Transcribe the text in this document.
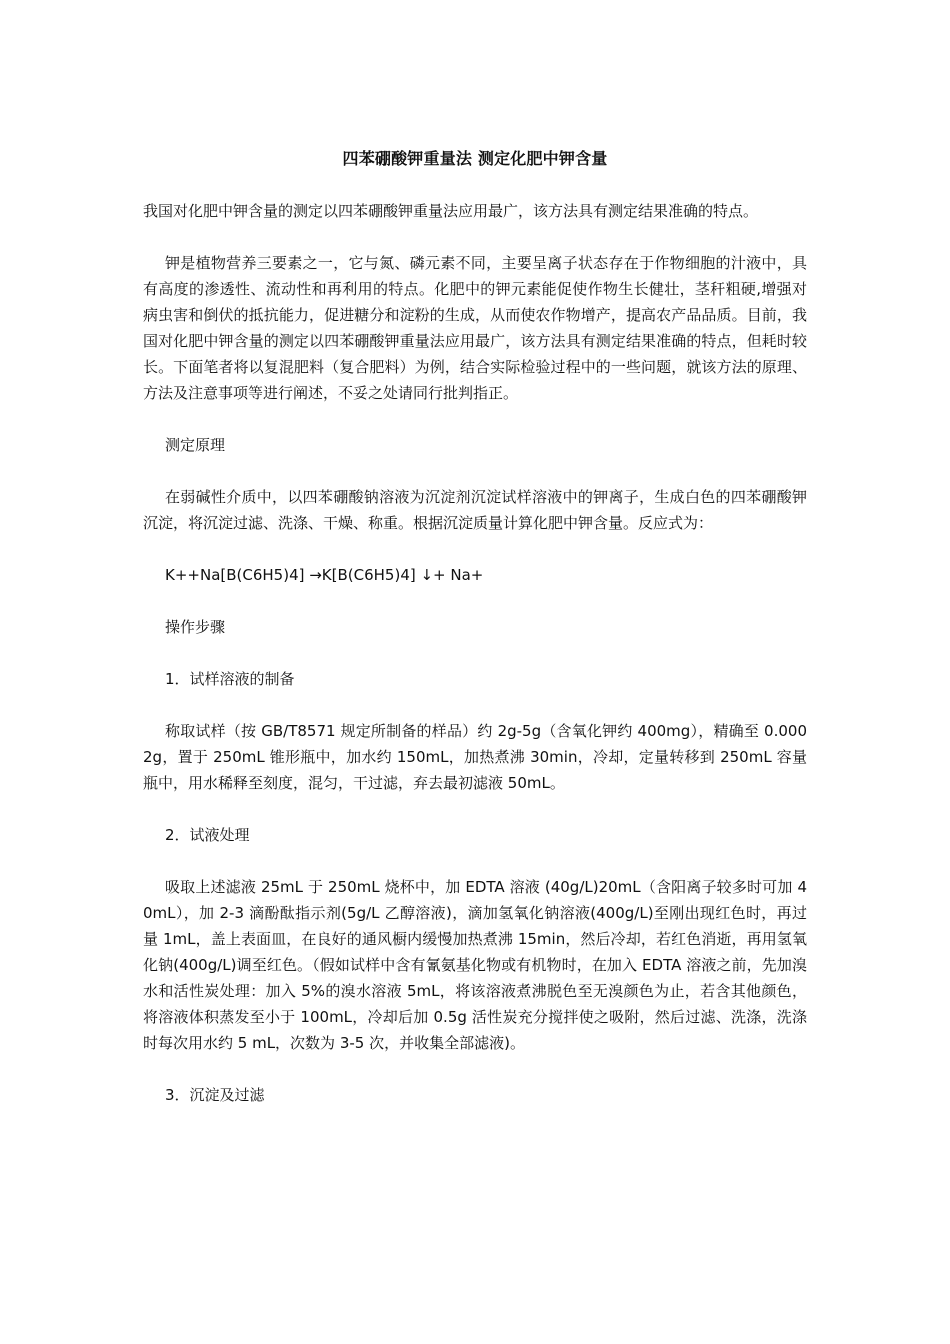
四苯硼酸钾重量法 测定化肥中钾含量

我国对化肥中钾含量的测定以四苯硼酸钾重量法应用最广，该方法具有测定结果准确的特点。

钾是植物营养三要素之一，它与氮、磷元素不同，主要呈离子状态存在于作物细胞的汁液中，具有高度的渗透性、流动性和再利用的特点。化肥中的钾元素能促使作物生长健壮，茎秆粗硬,增强对病虫害和倒伏的抵抗能力，促进糖分和淀粉的生成，从而使农作物增产，提高农产品品质。目前，我国对化肥中钾含量的测定以四苯硼酸钾重量法应用最广，该方法具有测定结果准确的特点，但耗时较长。下面笔者将以复混肥料（复合肥料）为例，结合实际检验过程中的一些问题，就该方法的原理、方法及注意事项等进行阐述，不妥之处请同行批判指正。

测定原理

在弱碱性介质中，以四苯硼酸钠溶液为沉淀剂沉淀试样溶液中的钾离子，生成白色的四苯硼酸钾沉淀，将沉淀过滤、洗涤、干燥、称重。根据沉淀质量计算化肥中钾含量。反应式为：

K++Na[B(C6H5)4] →K[B(C6H5)4] ↓+ Na+

操作步骤

1．试样溶液的制备

称取试样（按 GB/T8571 规定所制备的样品）约 2g-5g（含氧化钾约 400mg），精确至 0.0002g，置于 250mL 锥形瓶中，加水约 150mL，加热煮沸 30min，冷却，定量转移到 250mL 容量瓶中，用水稀释至刻度，混匀，干过滤，弃去最初滤液 50mL。

2．试液处理

吸取上述滤液 25mL 于 250mL 烧杯中，加 EDTA 溶液 (40g/L)20mL（含阳离子较多时可加 40mL），加 2-3 滴酚酞指示剂(5g/L 乙醇溶液)，滴加氢氧化钠溶液(400g/L)至刚出现红色时，再过量 1mL，盖上表面皿，在良好的通风橱内缓慢加热煮沸 15min，然后冷却，若红色消逝，再用氢氧化钠(400g/L)调至红色。（假如试样中含有氰氨基化物或有机物时，在加入 EDTA 溶液之前，先加溴水和活性炭处理：加入 5%的溴水溶液 5mL，将该溶液煮沸脱色至无溴颜色为止，若含其他颜色，将溶液体积蒸发至小于 100mL，冷却后加 0.5g 活性炭充分搅拌使之吸附，然后过滤、洗涤，洗涤时每次用水约 5 mL，次数为 3-5 次，并收集全部滤液)。

3．沉淀及过滤
